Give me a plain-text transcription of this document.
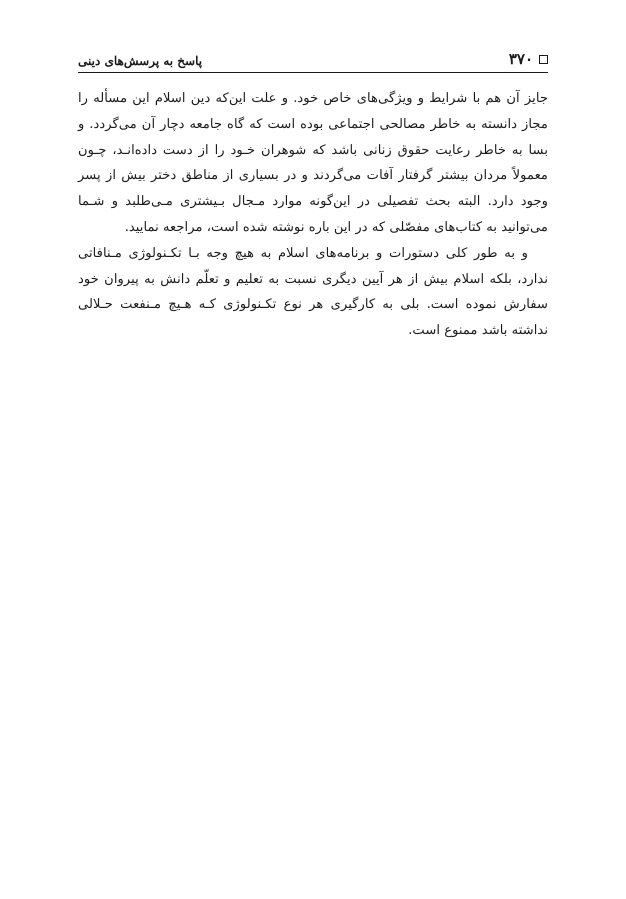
۳۷۰
پاسخ به پرسش‌های دینی

جایز آن هم با شرایط و ویژگی‌های خاص خود. و علت این‌که دین اسلام این مسأله را مجاز دانسته به خاطر مصالحی اجتماعی بوده است که گاه جامعه دچار آن می‌گردد. و بسا به خاطر رعایت حقوق زنانی باشد که شوهران خـود را از دست داده‌انـد، چـون معمولاً مردان بیشتر گرفتار آفات می‌گردند و در بسیاری از مناطق دختر بیش از پسر وجود دارد. البته بحث تفصیلی در این‌گونه موارد مـجال بـیشتری مـی‌طلبد و شـما می‌توانید به کتاب‌های مفصّلی که در این باره نوشته شده است، مراجعه نمایید.

و به طور کلی دستورات و برنامه‌های اسلام به هیچ وجه بـا تکـنولوژی مـنافاتی ندارد، بلکه اسلام بیش از هر آیین دیگری نسبت به تعلیم و تعلّم دانش به پیروان خود سفارش نموده است. بلی به کارگیری هر نوع تکـنولوژی کـه هـیچ مـنفعت حـلالی نداشته باشد ممنوع است.
